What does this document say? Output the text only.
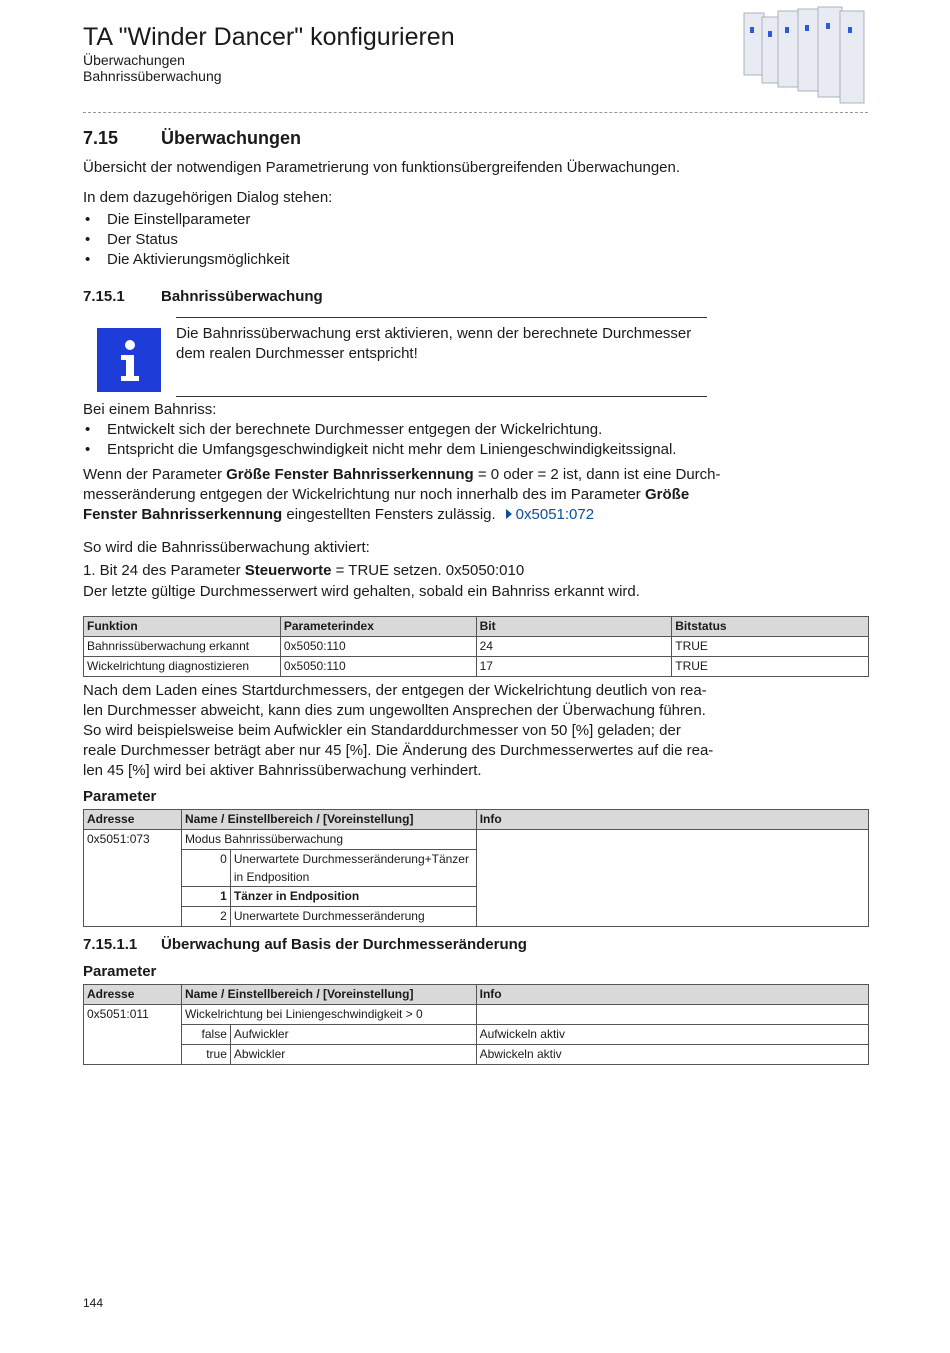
TA "Winder Dancer" konfigurieren
Überwachungen
Bahnrissüberwachung
7.15 Überwachungen
Übersicht der notwendigen Parametrierung von funktionsübergreifenden Überwachungen.
In dem dazugehörigen Dialog stehen:
• Die Einstellparameter
• Der Status
• Die Aktivierungsmöglichkeit
7.15.1 Bahnrissüberwachung
Die Bahnrissüberwachung erst aktivieren, wenn der berechnete Durchmesser
dem realen Durchmesser entspricht!
Bei einem Bahnriss:
• Entwickelt sich der berechnete Durchmesser entgegen der Wickelrichtung.
• Entspricht die Umfangsgeschwindigkeit nicht mehr dem Liniengeschwindigkeitssignal.
Wenn der Parameter Größe Fenster Bahnrisserkennung = 0 oder = 2 ist, dann ist eine Durch-
messeränderung entgegen der Wickelrichtung nur noch innerhalb des im Parameter Größe
Fenster Bahnrisserkennung eingestellten Fensters zulässig. 0x5051:072
So wird die Bahnrissüberwachung aktiviert:
1. Bit 24 des Parameter Steuerworte = TRUE setzen. 0x5050:010
Der letzte gültige Durchmesserwert wird gehalten, sobald ein Bahnriss erkannt wird.
Funktion	Parameterindex	Bit	Bitstatus
Bahnrissüberwachung erkannt	0x5050:110	24	TRUE
Wickelrichtung diagnostizieren	0x5050:110	17	TRUE
Nach dem Laden eines Startdurchmessers, der entgegen der Wickelrichtung deutlich von rea-
len Durchmesser abweicht, kann dies zum ungewollten Ansprechen der Überwachung führen.
So wird beispielsweise beim Aufwickler ein Standarddurchmesser von 50 [%] geladen; der
reale Durchmesser beträgt aber nur 45 [%]. Die Änderung des Durchmesserwertes auf die rea-
len 45 [%] wird bei aktiver Bahnrissüberwachung verhindert.
Parameter
Adresse	Name / Einstellbereich / [Voreinstellung]		Info
0x5051:073	Modus Bahnrissüberwachung		
	0	Unerwartete Durchmesseränderung+Tänzer
in Endposition	

	1	Tänzer in Endposition	
	2	Unerwartete Durchmesseränderung	
7.15.1.1 Überwachung auf Basis der Durchmesseränderung
Parameter
Adresse	Name / Einstellbereich / [Voreinstellung]		Info
0x5051:011	Wickelrichtung bei Liniengeschwindigkeit > 0		
	false	Aufwickler	Aufwickeln aktiv
	true	Abwickler	Abwickeln aktiv
144
